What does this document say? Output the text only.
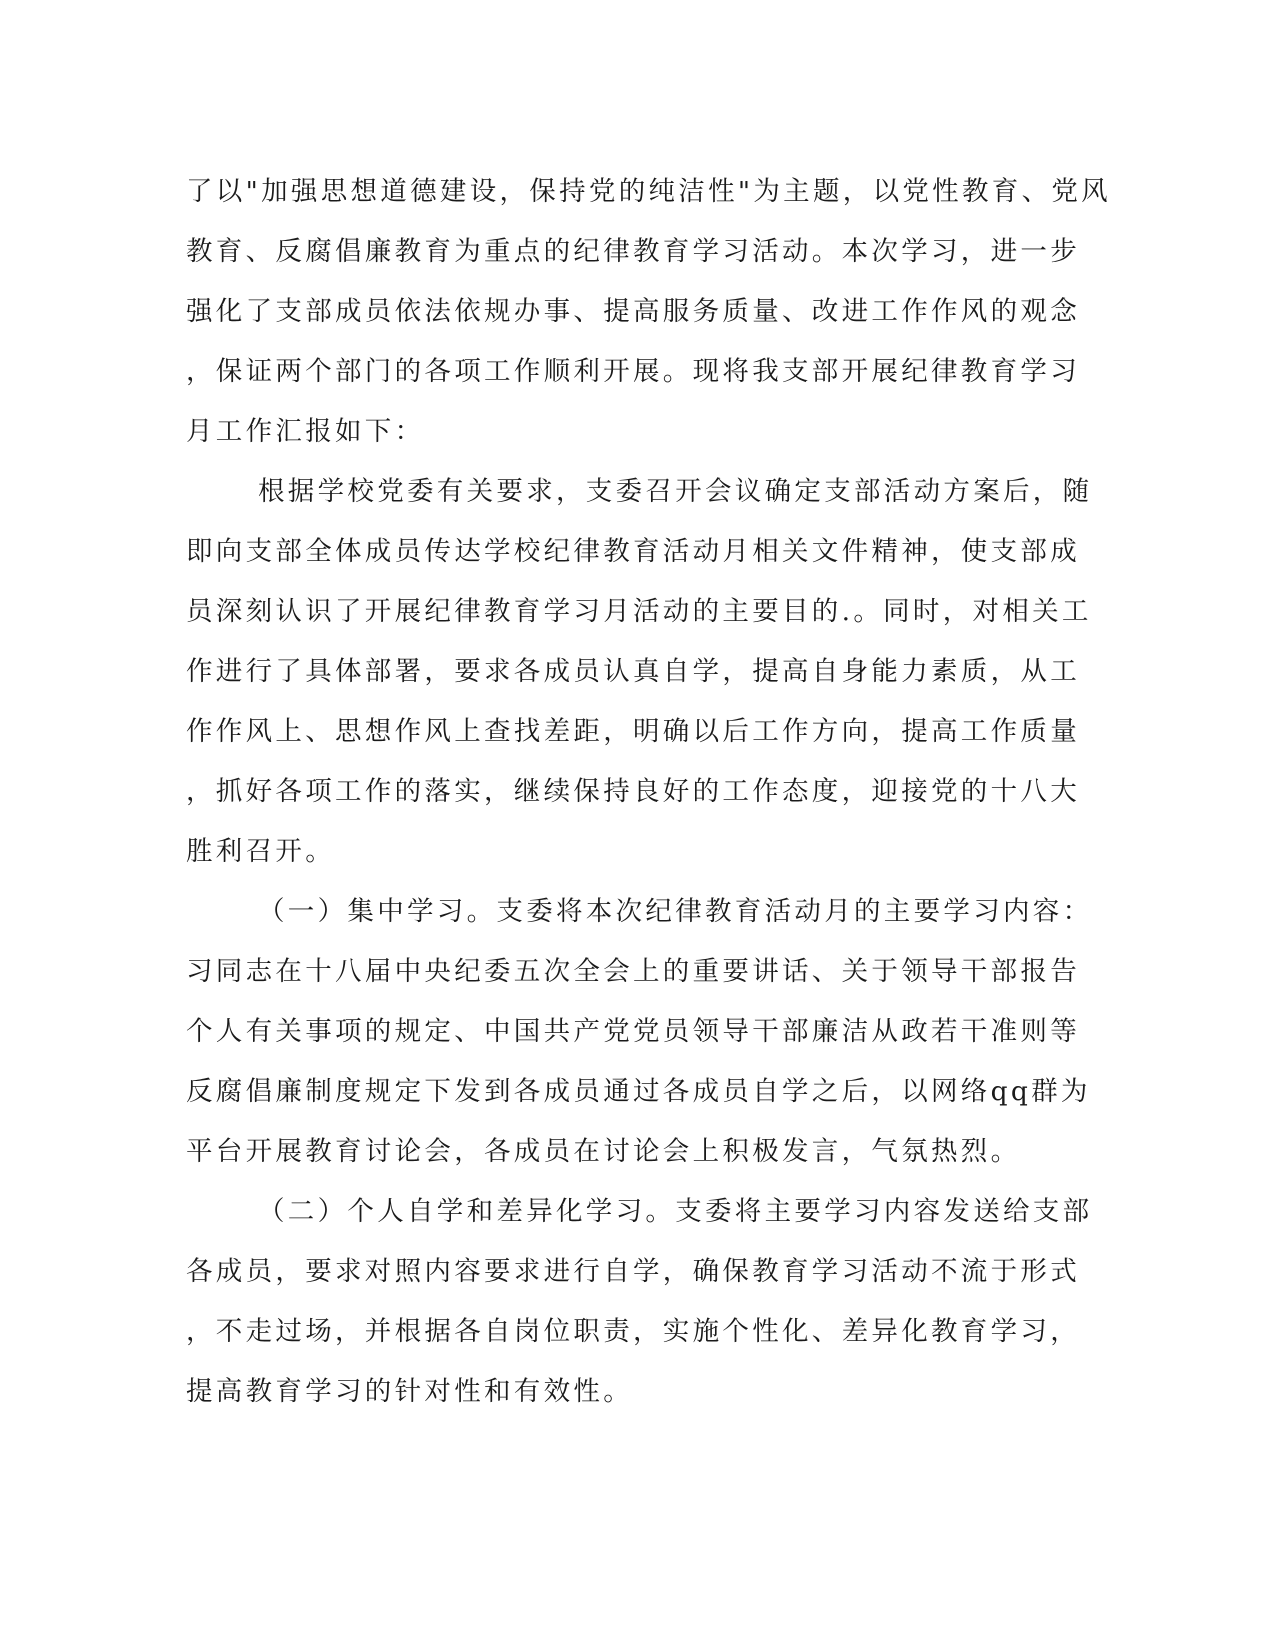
了以"加强思想道德建设，保持党的纯洁性"为主题，以党性教育、党风
教育、反腐倡廉教育为重点的纪律教育学习活动。本次学习，进一步
强化了支部成员依法依规办事、提高服务质量、改进工作作风的观念
，保证两个部门的各项工作顺利开展。现将我支部开展纪律教育学习
月工作汇报如下：
根据学校党委有关要求，支委召开会议确定支部活动方案后，随
即向支部全体成员传达学校纪律教育活动月相关文件精神，使支部成
员深刻认识了开展纪律教育学习月活动的主要目的.。同时，对相关工
作进行了具体部署，要求各成员认真自学，提高自身能力素质，从工
作作风上、思想作风上查找差距，明确以后工作方向，提高工作质量
，抓好各项工作的落实，继续保持良好的工作态度，迎接党的十八大
胜利召开。
（一）集中学习。支委将本次纪律教育活动月的主要学习内容：
习同志在十八届中央纪委五次全会上的重要讲话、关于领导干部报告
个人有关事项的规定、中国共产党党员领导干部廉洁从政若干准则等
反腐倡廉制度规定下发到各成员通过各成员自学之后，以网络qq群为
平台开展教育讨论会，各成员在讨论会上积极发言，气氛热烈。
（二）个人自学和差异化学习。支委将主要学习内容发送给支部
各成员，要求对照内容要求进行自学，确保教育学习活动不流于形式
，不走过场，并根据各自岗位职责，实施个性化、差异化教育学习，
提高教育学习的针对性和有效性。
